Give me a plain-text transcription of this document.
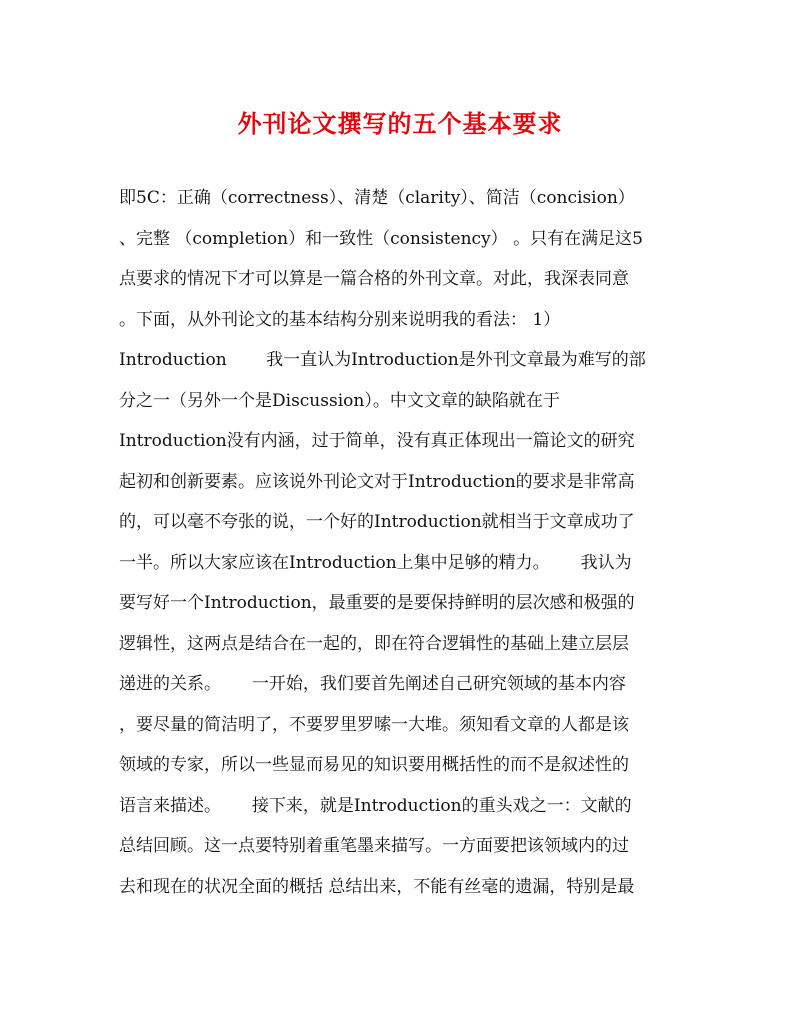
外刊论文撰写的五个基本要求
即5C：正确（correctness）、清楚（clarity）、简洁（concision）
、完整 （completion）和一致性（consistency） 。只有在满足这5
点要求的情况下才可以算是一篇合格的外刊文章。对此，我深表同意
。下面，从外刊论文的基本结构分别来说明我的看法： 1）
Introduction　　 我一直认为Introduction是外刊文章最为难写的部
分之一（另外一个是Discussion）。中文文章的缺陷就在于
Introduction没有内涵，过于简单，没有真正体现出一篇论文的研究
起初和创新要素。应该说外刊论文对于Introduction的要求是非常高
的，可以毫不夸张的说，一个好的Introduction就相当于文章成功了
一半。所以大家应该在Introduction上集中足够的精力。　　 我认为
要写好一个Introduction，最重要的是要保持鲜明的层次感和极强的
逻辑性，这两点是结合在一起的，即在符合逻辑性的基础上建立层层
递进的关系。　　 一开始，我们要首先阐述自己研究领域的基本内容
，要尽量的简洁明了，不要罗里罗嗦一大堆。须知看文章的人都是该
领域的专家，所以一些显而易见的知识要用概括性的而不是叙述性的
语言来描述。　　 接下来，就是Introduction的重头戏之一：文献的
总结回顾。这一点要特别着重笔墨来描写。一方面要把该领域内的过
去和现在的状况全面的概括 总结出来，不能有丝毫的遗漏，特别是最
